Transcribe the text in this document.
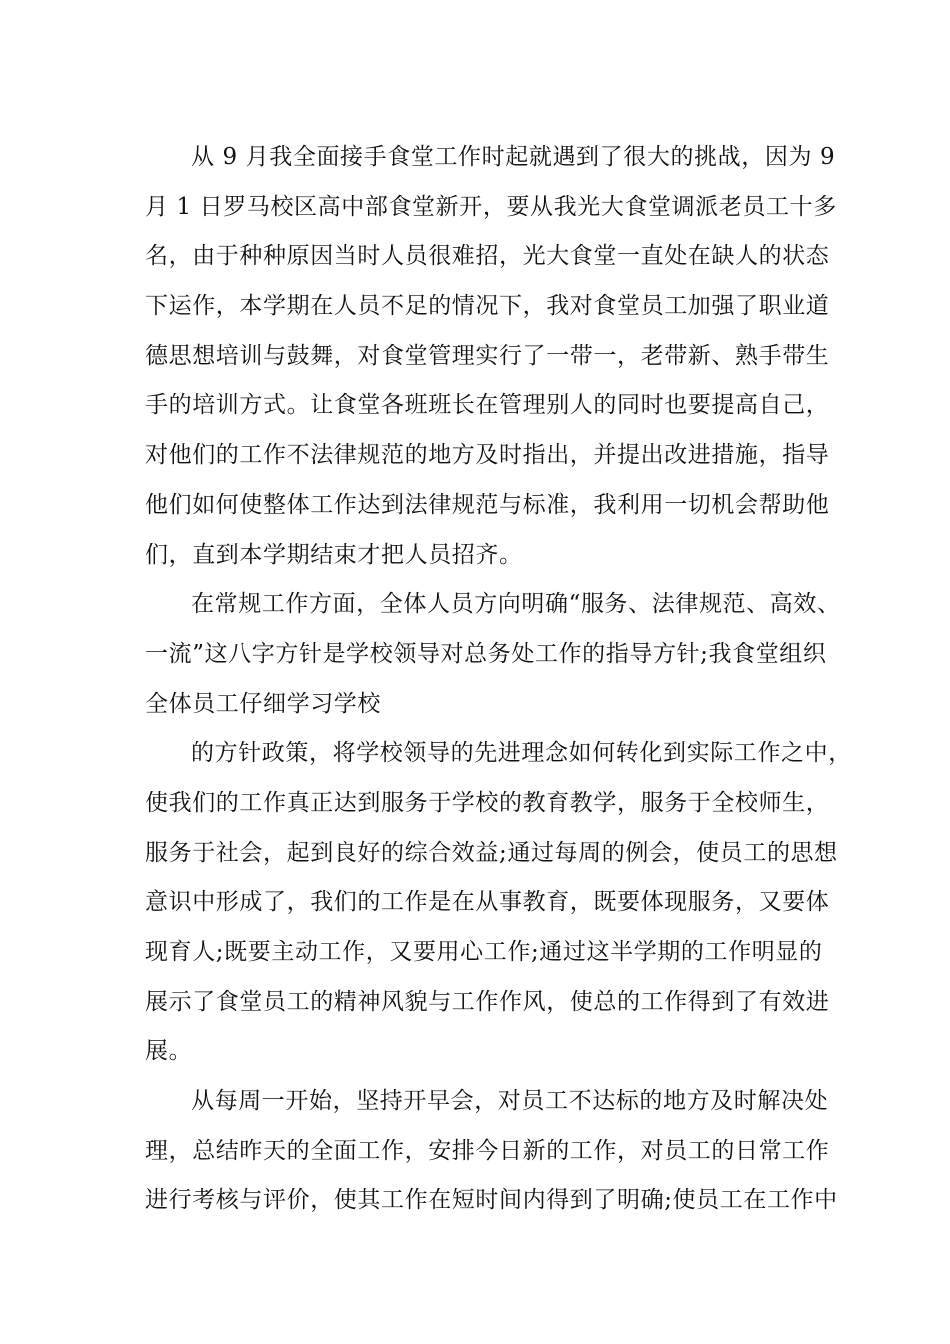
从 9 月我全面接手食堂工作时起就遇到了很大的挑战，因为 9
月 1 日罗马校区高中部食堂新开，要从我光大食堂调派老员工十多
名，由于种种原因当时人员很难招，光大食堂一直处在缺人的状态
下运作，本学期在人员不足的情况下，我对食堂员工加强了职业道
德思想培训与鼓舞，对食堂管理实行了一带一，老带新、熟手带生
手的培训方式。让食堂各班班长在管理别人的同时也要提高自己，
对他们的工作不法律规范的地方及时指出，并提出改进措施，指导
他们如何使整体工作达到法律规范与标准，我利用一切机会帮助他
们，直到本学期结束才把人员招齐。
在常规工作方面，全体人员方向明确“服务、法律规范、高效、
一流”这八字方针是学校领导对总务处工作的指导方针;我食堂组织
全体员工仔细学习学校
的方针政策，将学校领导的先进理念如何转化到实际工作之中，
使我们的工作真正达到服务于学校的教育教学，服务于全校师生，
服务于社会，起到良好的综合效益;通过每周的例会，使员工的思想
意识中形成了，我们的工作是在从事教育，既要体现服务，又要体
现育人;既要主动工作，又要用心工作;通过这半学期的工作明显的
展示了食堂员工的精神风貌与工作作风，使总的工作得到了有效进
展。
从每周一开始，坚持开早会，对员工不达标的地方及时解决处
理，总结昨天的全面工作，安排今日新的工作，对员工的日常工作
进行考核与评价，使其工作在短时间内得到了明确;使员工在工作中
